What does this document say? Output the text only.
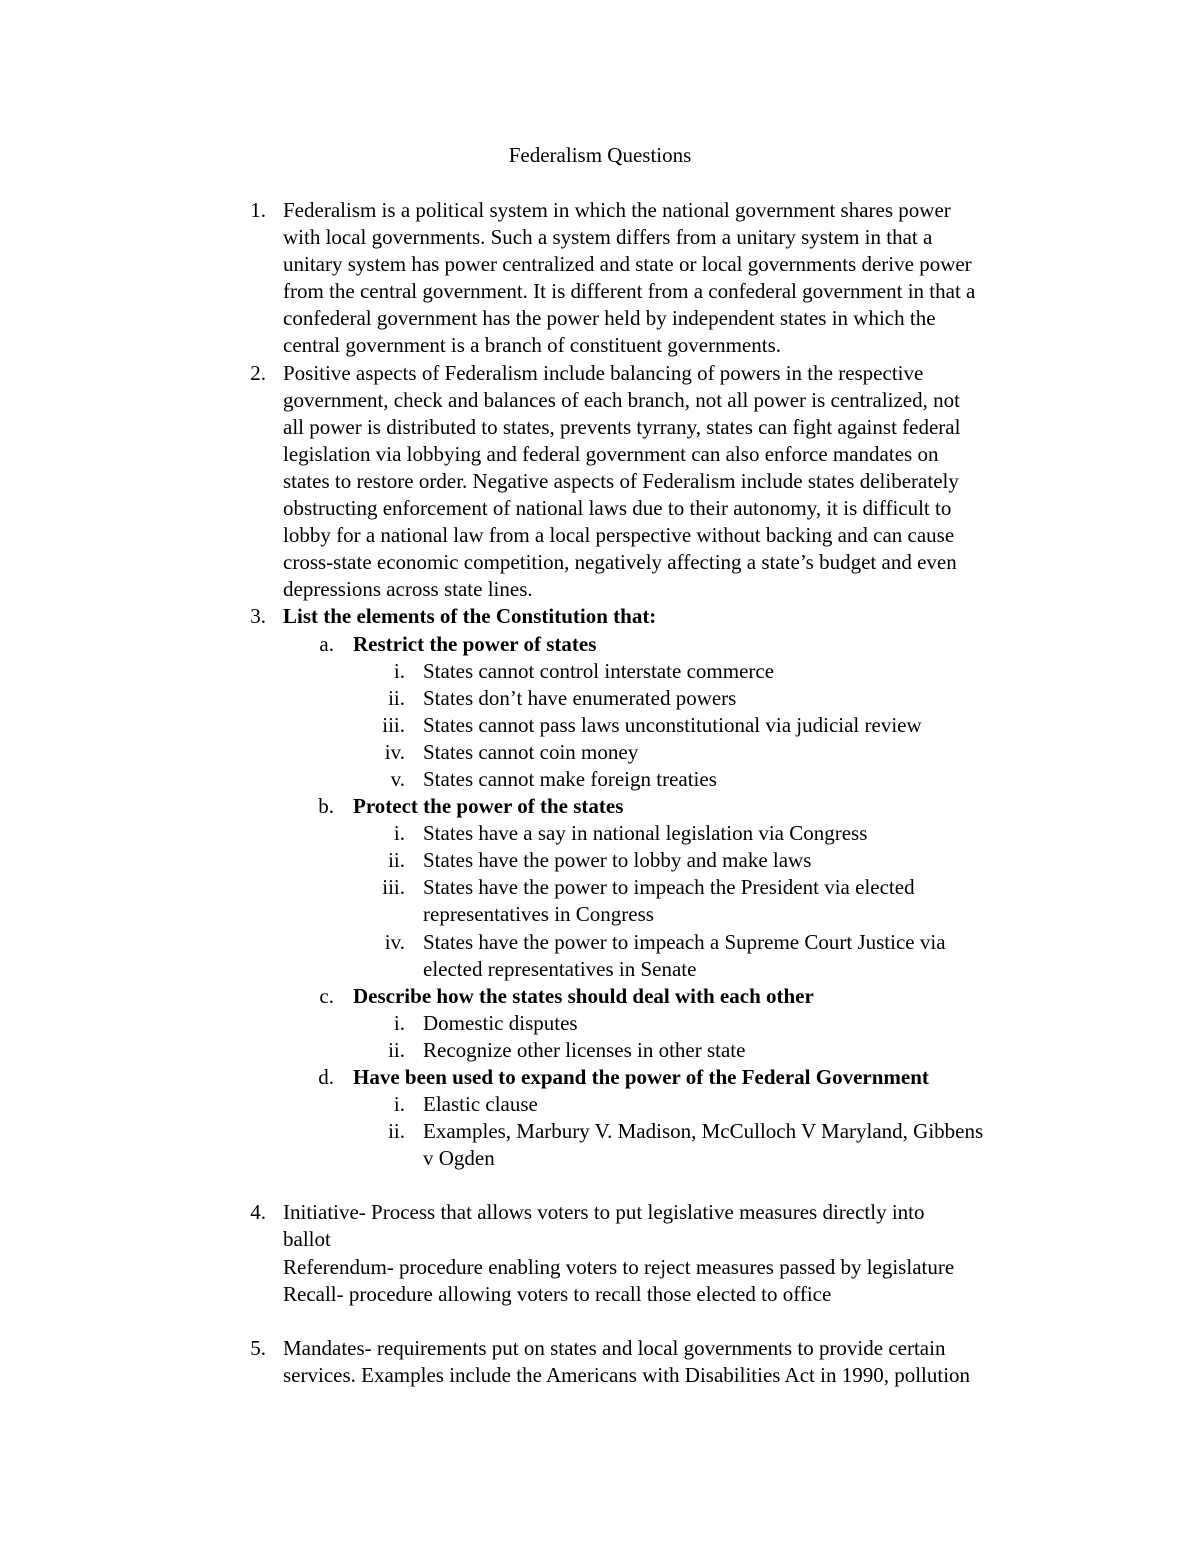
Federalism Questions
1. Federalism is a political system in which the national government shares power
with local governments. Such a system differs from a unitary system in that a
unitary system has power centralized and state or local governments derive power
from the central government. It is different from a confederal government in that a
confederal government has the power held by independent states in which the
central government is a branch of constituent governments.
2. Positive aspects of Federalism include balancing of powers in the respective
government, check and balances of each branch, not all power is centralized, not
all power is distributed to states, prevents tyrrany, states can fight against federal
legislation via lobbying and federal government can also enforce mandates on
states to restore order. Negative aspects of Federalism include states deliberately
obstructing enforcement of national laws due to their autonomy, it is difficult to
lobby for a national law from a local perspective without backing and can cause
cross-state economic competition, negatively affecting a state’s budget and even
depressions across state lines.
3. List the elements of the Constitution that:
a. Restrict the power of states
i. States cannot control interstate commerce
ii. States don’t have enumerated powers
iii. States cannot pass laws unconstitutional via judicial review
iv. States cannot coin money
v. States cannot make foreign treaties
b. Protect the power of the states
i. States have a say in national legislation via Congress
ii. States have the power to lobby and make laws
iii. States have the power to impeach the President via elected
representatives in Congress
iv. States have the power to impeach a Supreme Court Justice via
elected representatives in Senate
c. Describe how the states should deal with each other
i. Domestic disputes
ii. Recognize other licenses in other state
d. Have been used to expand the power of the Federal Government
i. Elastic clause
ii. Examples, Marbury V. Madison, McCulloch V Maryland, Gibbens
v Ogden
4. Initiative- Process that allows voters to put legislative measures directly into
ballot
Referendum- procedure enabling voters to reject measures passed by legislature
Recall- procedure allowing voters to recall those elected to office
5. Mandates- requirements put on states and local governments to provide certain
services. Examples include the Americans with Disabilities Act in 1990, pollution
